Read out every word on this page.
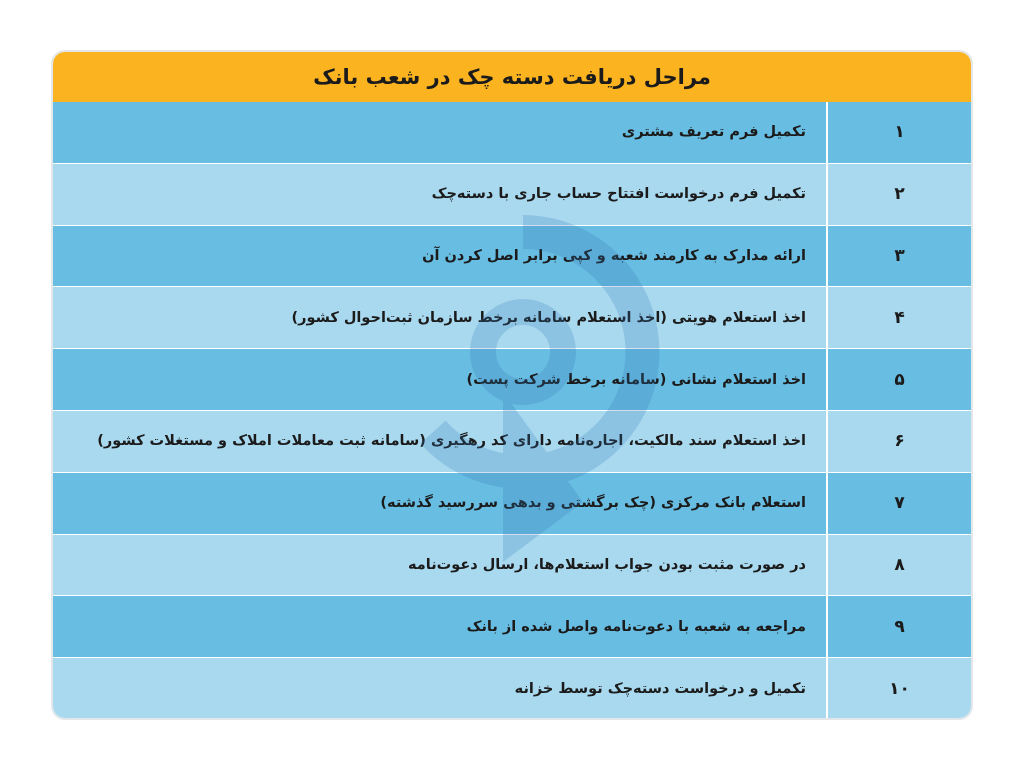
مراحل دریافت دسته چک در شعب بانک
۱
تکمیل فرم تعریف مشتری
۲
تکمیل فرم درخواست افتتاح حساب جاری با دسته‌چک
۳
ارائه مدارک به کارمند شعبه و کپی برابر اصل کردن آن
۴
اخذ استعلام هویتی (اخذ استعلام سامانه برخط سازمان ثبت‌احوال کشور)
۵
اخذ استعلام نشانی (سامانه برخط شرکت پست)
۶
اخذ استعلام سند مالکیت، اجاره‌نامه دارای کد رهگیری (سامانه ثبت معاملات املاک و مستغلات کشور)
۷
استعلام بانک مرکزی (چک برگشتی و بدهی سررسید گذشته)
۸
در صورت مثبت بودن جواب استعلام‌ها، ارسال دعوت‌نامه
۹
مراجعه به شعبه با دعوت‌نامه واصل شده از بانک
۱۰
تکمیل و درخواست دسته‌چک توسط خزانه
